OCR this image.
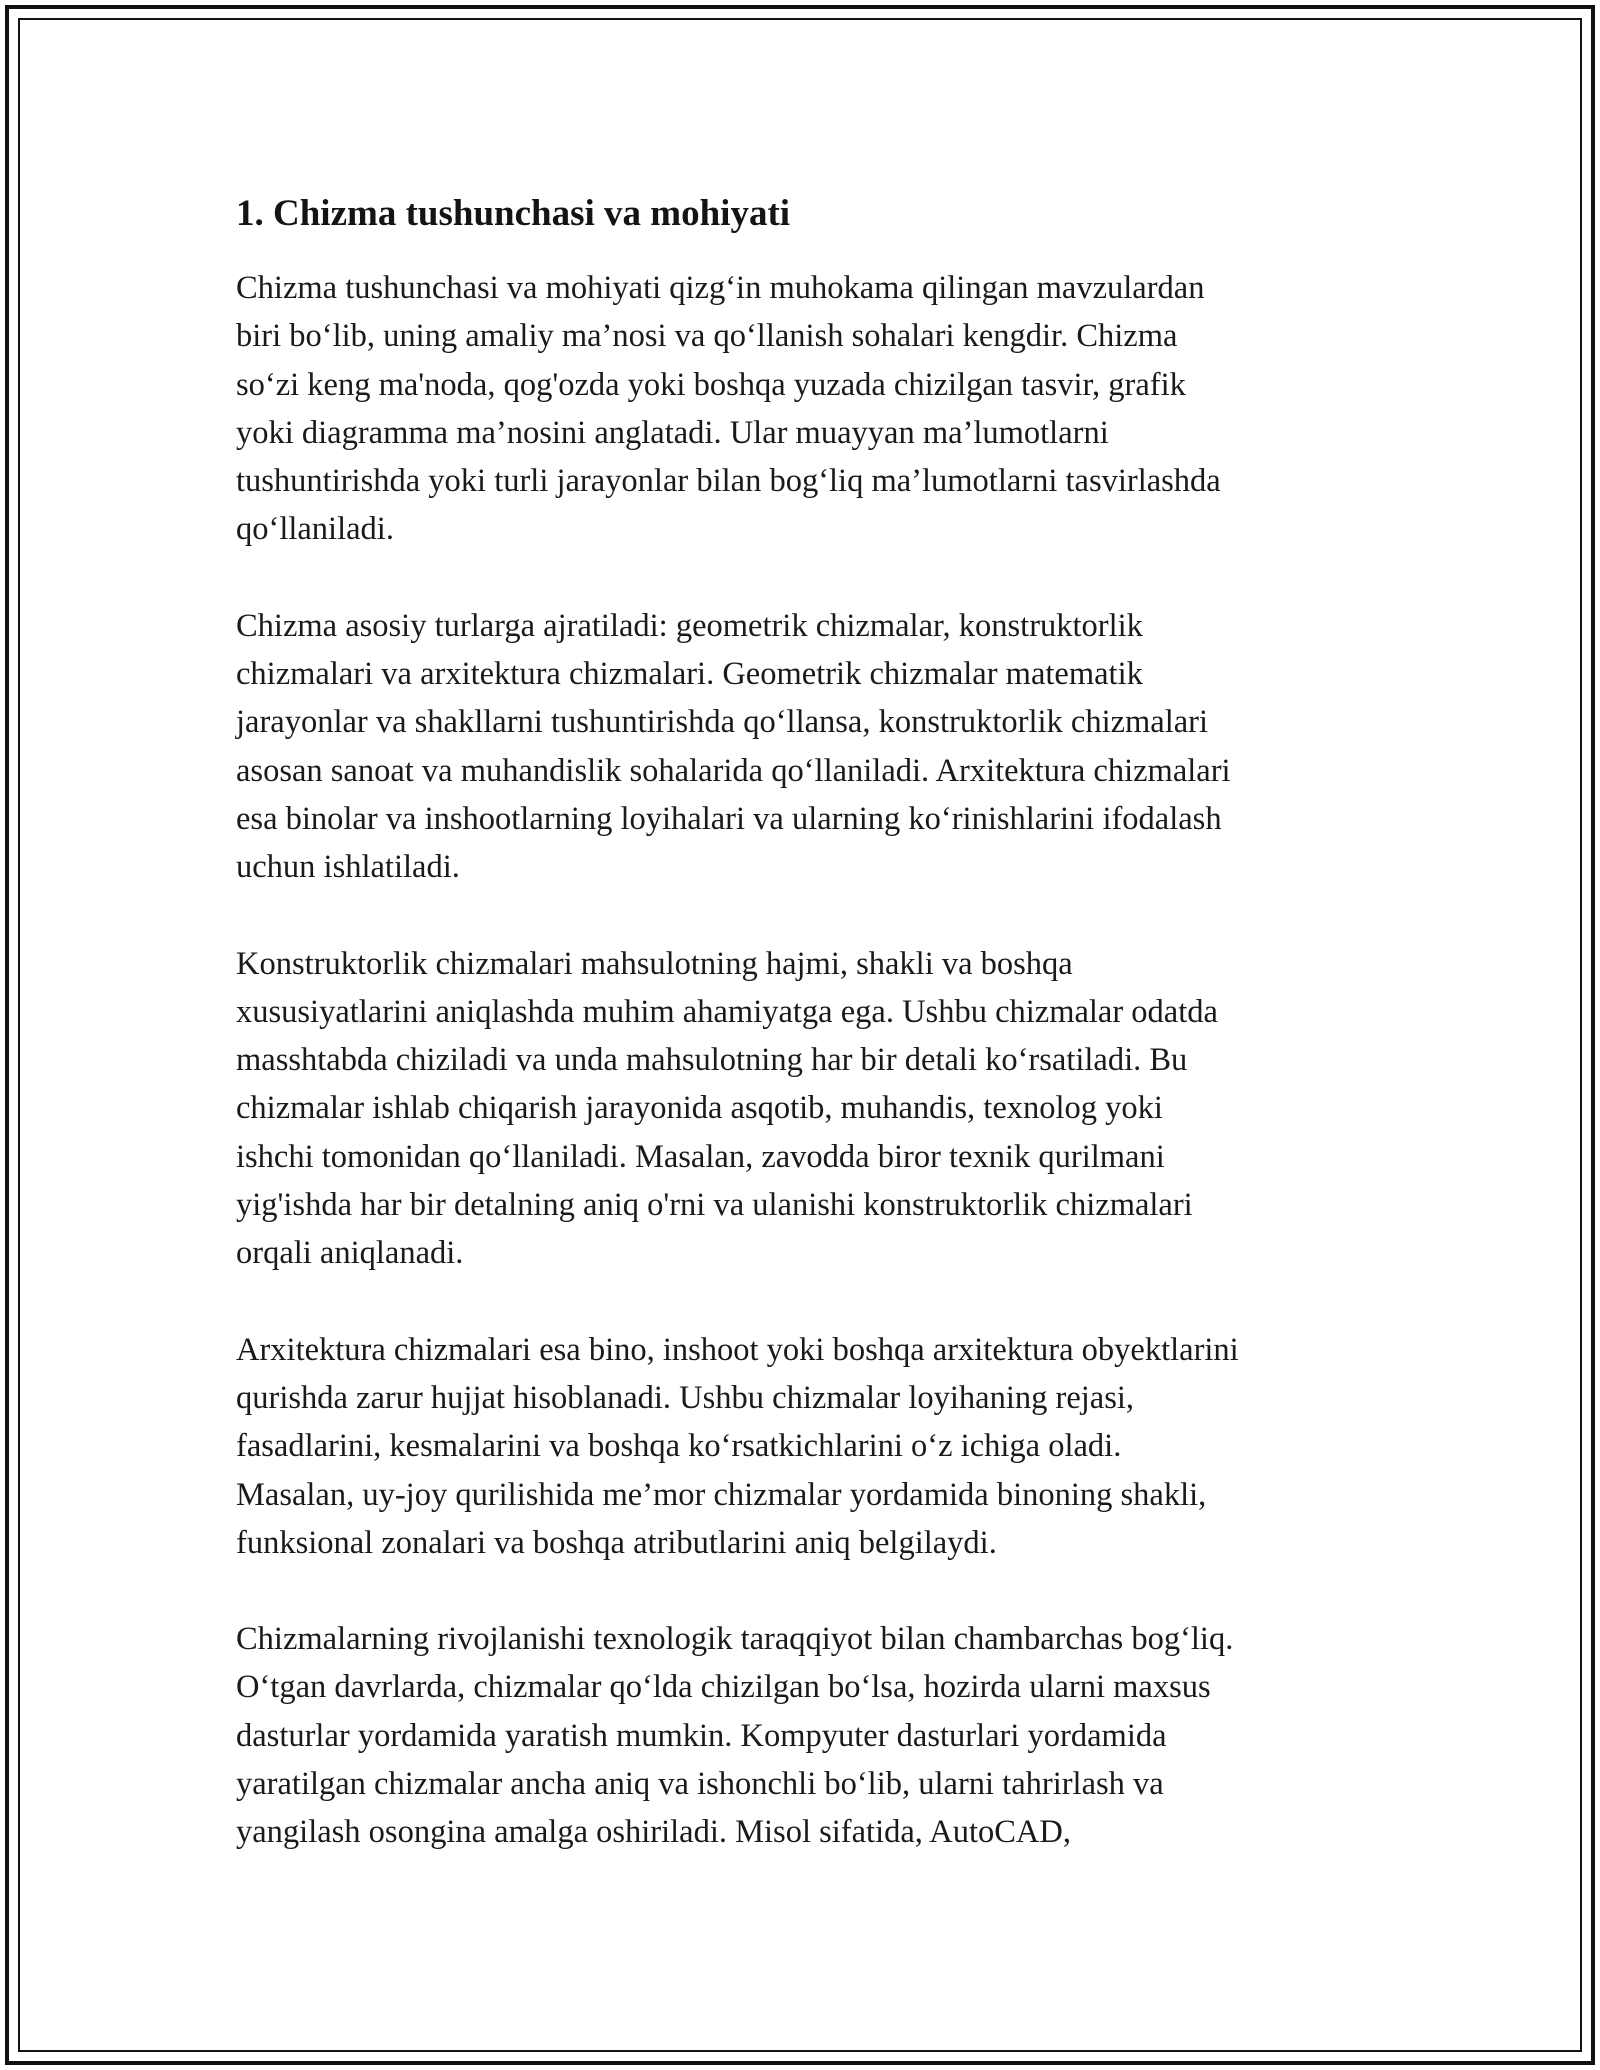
1. Chizma tushunchasi va mohiyati

Chizma tushunchasi va mohiyati qizg‘in muhokama qilingan mavzulardan
biri bo‘lib, uning amaliy ma’nosi va qo‘llanish sohalari kengdir. Chizma
so‘zi keng ma'noda, qog'ozda yoki boshqa yuzada chizilgan tasvir, grafik
yoki diagramma ma’nosini anglatadi. Ular muayyan ma’lumotlarni
tushuntirishda yoki turli jarayonlar bilan bog‘liq ma’lumotlarni tasvirlashda
qo‘llaniladi.

Chizma asosiy turlarga ajratiladi: geometrik chizmalar, konstruktorlik
chizmalari va arxitektura chizmalari. Geometrik chizmalar matematik
jarayonlar va shakllarni tushuntirishda qo‘llansa, konstruktorlik chizmalari
asosan sanoat va muhandislik sohalarida qo‘llaniladi. Arxitektura chizmalari
esa binolar va inshootlarning loyihalari va ularning ko‘rinishlarini ifodalash
uchun ishlatiladi.

Konstruktorlik chizmalari mahsulotning hajmi, shakli va boshqa
xususiyatlarini aniqlashda muhim ahamiyatga ega. Ushbu chizmalar odatda
masshtabda chiziladi va unda mahsulotning har bir detali ko‘rsatiladi. Bu
chizmalar ishlab chiqarish jarayonida asqotib, muhandis, texnolog yoki
ishchi tomonidan qo‘llaniladi. Masalan, zavodda biror texnik qurilmani
yig'ishda har bir detalning aniq o'rni va ulanishi konstruktorlik chizmalari
orqali aniqlanadi.

Arxitektura chizmalari esa bino, inshoot yoki boshqa arxitektura obyektlarini
qurishda zarur hujjat hisoblanadi. Ushbu chizmalar loyihaning rejasi,
fasadlarini, kesmalarini va boshqa ko‘rsatkichlarini o‘z ichiga oladi.
Masalan, uy-joy qurilishida me’mor chizmalar yordamida binoning shakli,
funksional zonalari va boshqa atributlarini aniq belgilaydi.

Chizmalarning rivojlanishi texnologik taraqqiyot bilan chambarchas bog‘liq.
O‘tgan davrlarda, chizmalar qo‘lda chizilgan bo‘lsa, hozirda ularni maxsus
dasturlar yordamida yaratish mumkin. Kompyuter dasturlari yordamida
yaratilgan chizmalar ancha aniq va ishonchli bo‘lib, ularni tahrirlash va
yangilash osongina amalga oshiriladi. Misol sifatida, AutoCAD,
